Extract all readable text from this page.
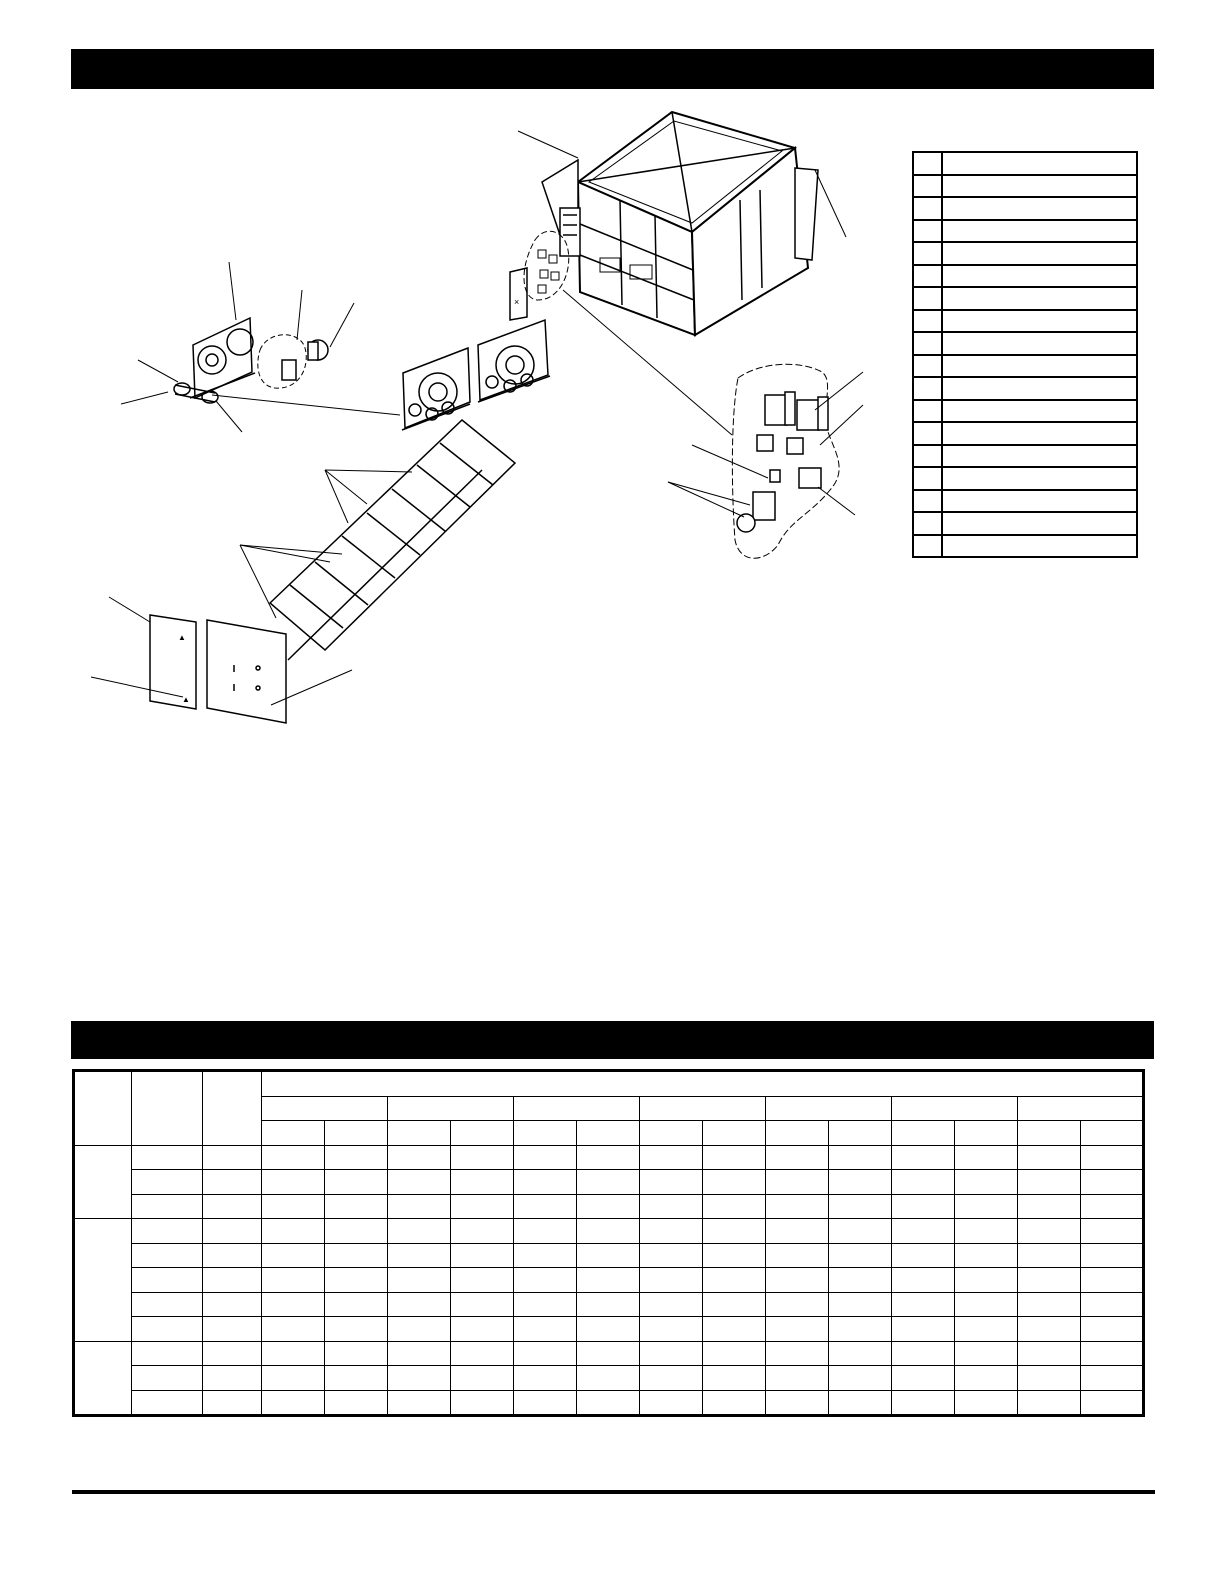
×
▲
▲
